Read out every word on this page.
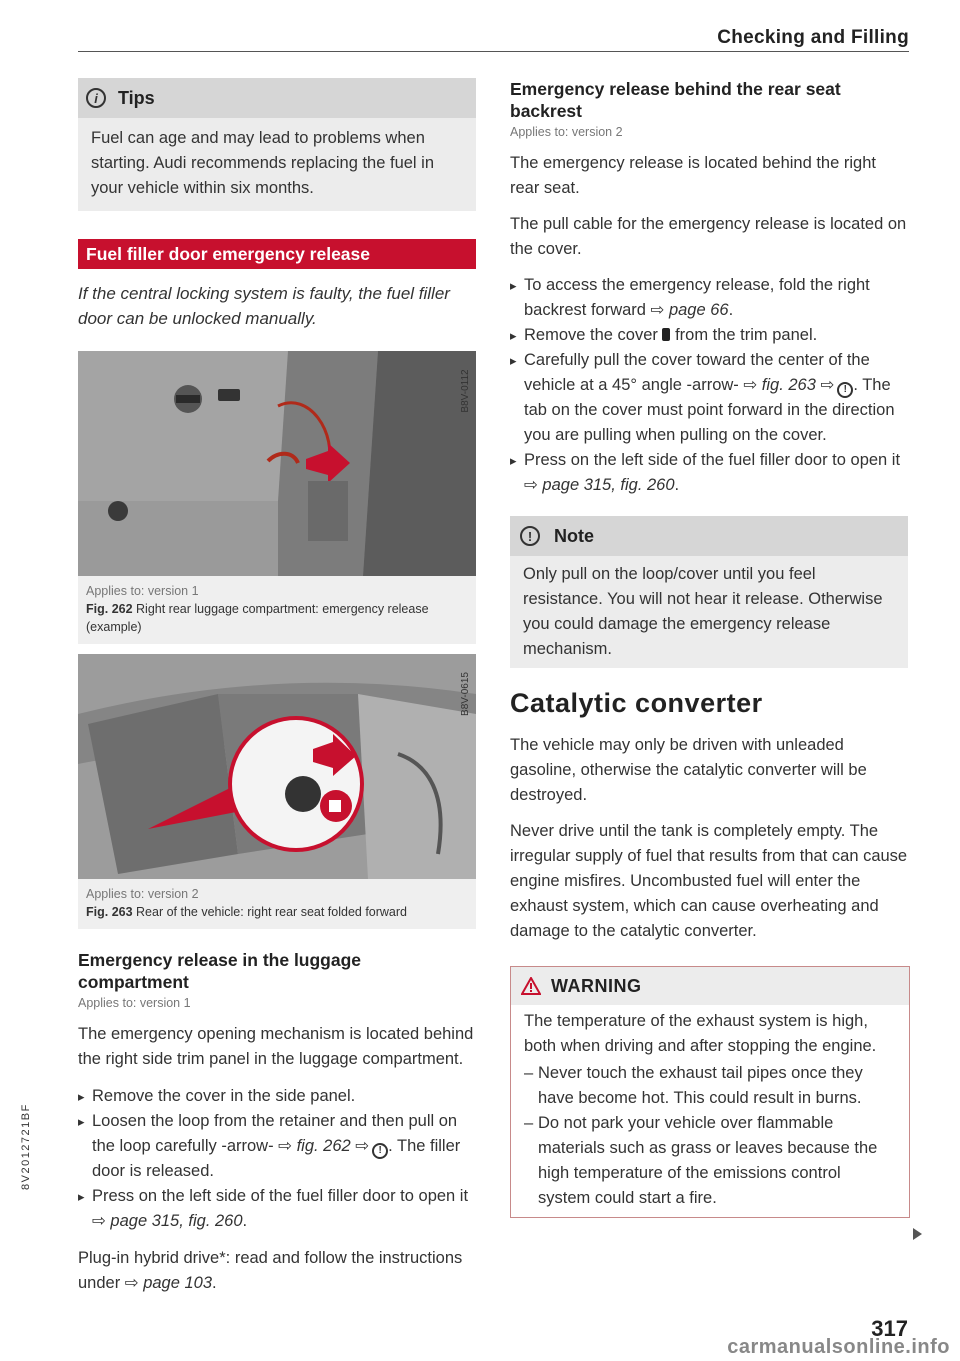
Checking and Filling
i	Tips
Fuel can age and may lead to problems when starting. Audi recommends replacing the fuel in your vehicle within six months.
Fuel filler door emergency release

If the central locking system is faulty, the fuel filler door can be unlocked manually.

B8V-0112
Applies to: version 1
Fig. 262 Right rear luggage compartment: emergency release (example)
B8V-0615
Applies to: version 2
Fig. 263 Rear of the vehicle: right rear seat folded forward
Emergency release in the luggage compartment
Applies to: version 1

The emergency opening mechanism is located behind the right side trim panel in the luggage compartment.

▸ Remove the cover in the side panel.
▸ Loosen the loop from the retainer and then pull on the loop carefully -arrow- ⇨ fig. 262 ⇨ ! . The filler door is released.
▸ Press on the left side of the fuel filler door to open it ⇨ page 315, fig. 260.

Plug-in hybrid drive*: read and follow the instructions under ⇨ page 103.

Emergency release behind the rear seat backrest
Applies to: version 2

The emergency release is located behind the right rear seat.

The pull cable for the emergency release is located on the cover.

▸ To access the emergency release, fold the right backrest forward ⇨ page 66.
▸ Remove the cover  from the trim panel.
▸ Carefully pull the cover toward the center of the vehicle at a 45° angle -arrow- ⇨ fig. 263 ⇨ ! . The tab on the cover must point forward in the direction you are pulling when pulling on the cover.
▸ Press on the left side of the fuel filler door to open it ⇨ page 315, fig. 260.
!	Note
Only pull on the loop/cover until you feel resistance. You will not hear it release. Otherwise you could damage the emergency release mechanism.
Catalytic converter

The vehicle may only be driven with unleaded gasoline, otherwise the catalytic converter will be destroyed.

Never drive until the tank is completely empty. The irregular supply of fuel that results from that can cause engine misfires. Uncombusted fuel will enter the exhaust system, which can cause overheating and damage to the catalytic converter.

WARNING

The temperature of the exhaust system is high, both when driving and after stopping the engine.

– Never touch the exhaust tail pipes once they have become hot. This could result in burns.
– Do not park your vehicle over flammable materials such as grass or leaves because the high temperature of the emissions control system could start a fire.
8V2012721BF
317
carmanualsonline.info
